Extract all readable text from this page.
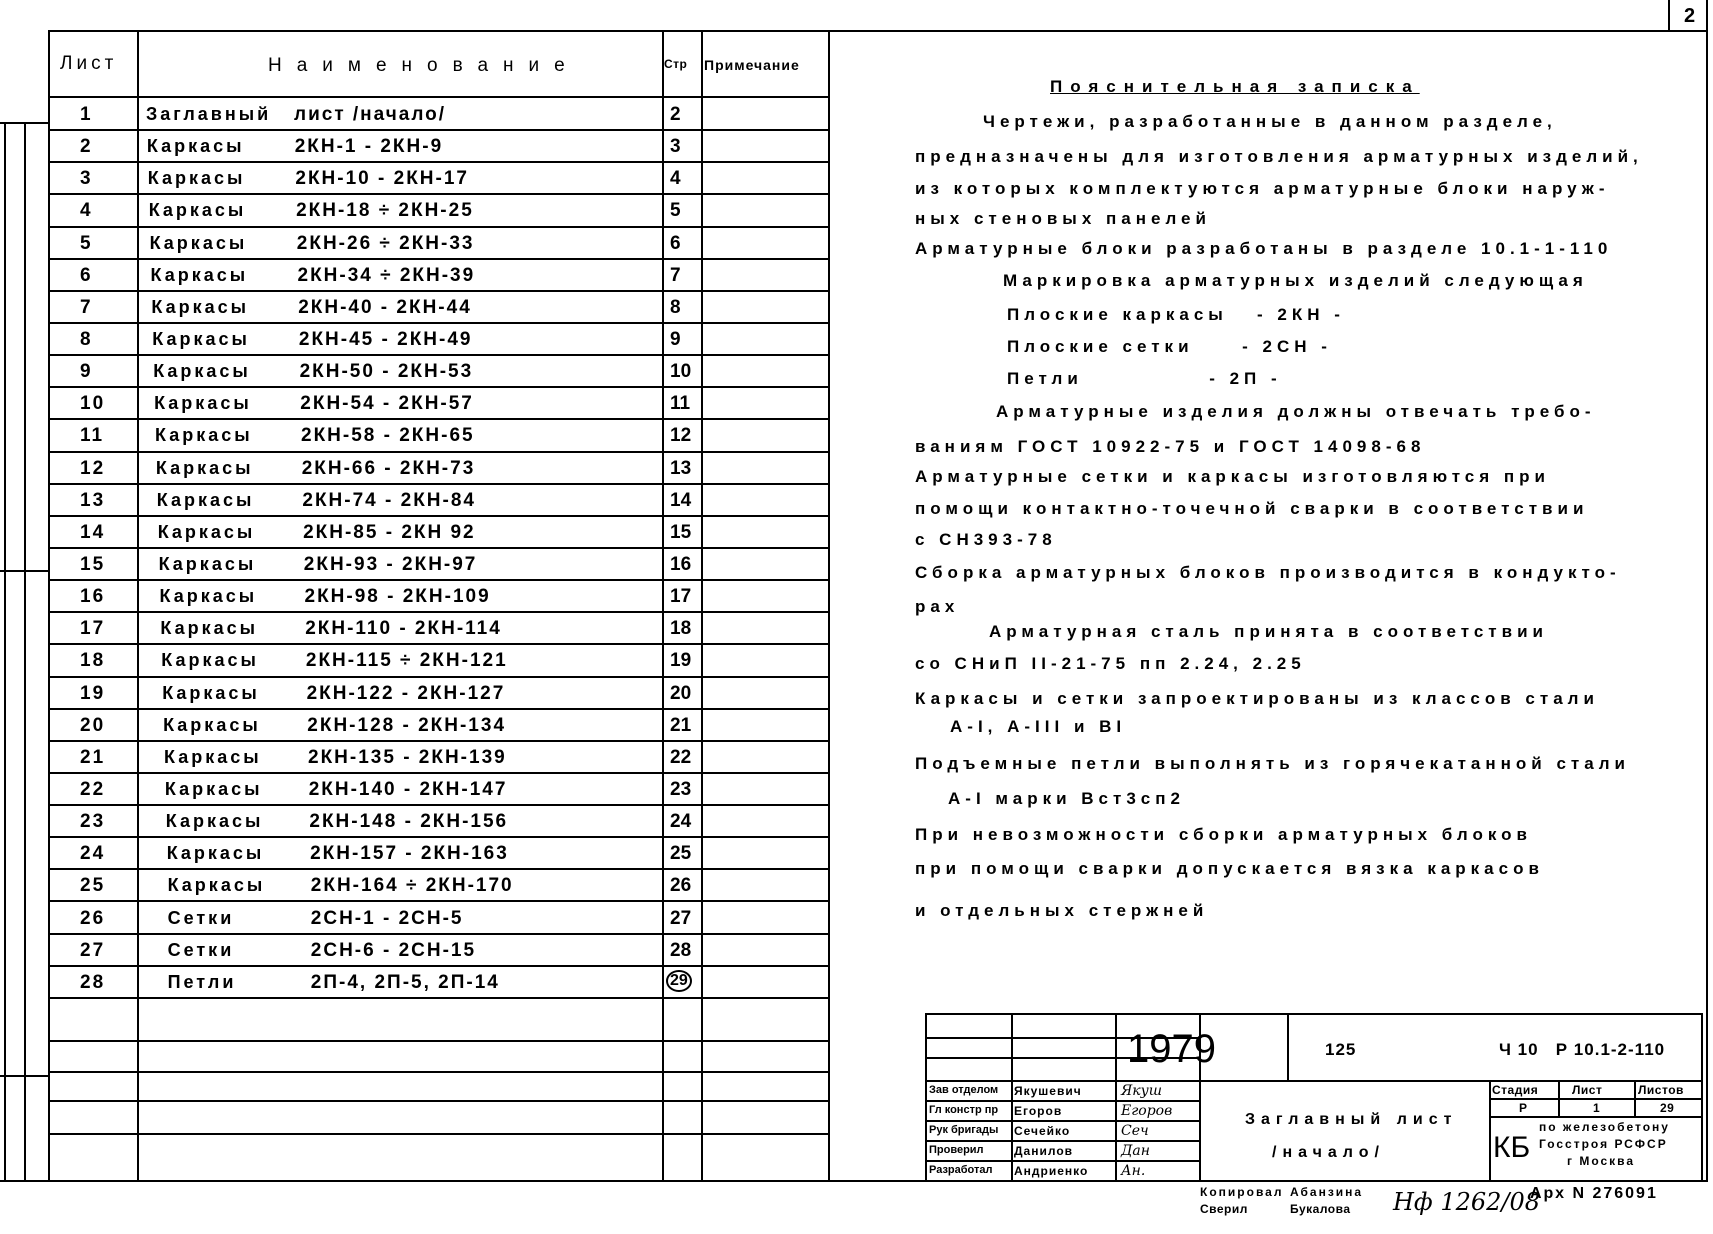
2
Лист	Наименование	Стр Примечание
1	Заглавный лист /начало/	2
2	Каркасы	2КН-1 - 2КН-9	3
3	Каркасы	2КН-10 - 2КН-17	4
4	Каркасы	2КН-18 ÷ 2КН-25	5
5	Каркасы	2КН-26 ÷ 2КН-33	6
6	Каркасы	2КН-34 ÷ 2КН-39	7
7	Каркасы	2КН-40 - 2КН-44	8
8	Каркасы	2КН-45 - 2КН-49	9
9	Каркасы	2КН-50 - 2КН-53	10
10	Каркасы	2КН-54 - 2КН-57	11
11	Каркасы	2КН-58 - 2КН-65	12
12	Каркасы	2КН-66 - 2КН-73	13
13	Каркасы	2КН-74 - 2КН-84	14
14	Каркасы	2КН-85 - 2КН 92	15
15	Каркасы	2КН-93 - 2КН-97	16
16	Каркасы 2КН-98 - 2КН-109	17
17	Каркасы 2КН-110 - 2КН-114	18
18	Каркасы 2КН-115 ÷ 2КН-121	19
19	Каркасы 2КН-122 - 2КН-127	20
20	Каркасы 2КН-128 - 2КН-134	21
21	Каркасы 2КН-135 - 2КН-139	22
22	Каркасы 2КН-140 - 2КН-147	23
23	Каркасы 2КН-148 - 2КН-156	24
24	Каркасы 2КН-157 - 2КН-163	25
25	Каркасы 2КН-164 ÷ 2КН-170	26
26	Сетки	2СН-1 - 2СН-5	27
27	Сетки	2СН-6 - 2СН-15	28
28	Петли	2П-4, 2П-5, 2П-14	29
Пояснительная записка
Чертежи, разработанные в данном разделе,
предназначены для изготовления арматурных изделий,
из которых комплектуются арматурные блоки наруж-
ных стеновых панелей
Арматурные блоки разработаны в разделе 10.1-1-110
Маркировка арматурных изделий следующая
Плоские каркасы   - 2КН -
Плоские сетки     - 2СН -
Петли             - 2П -
Арматурные изделия должны отвечать требо-
ваниям ГОСТ 10922-75 и ГОСТ 14098-68
Арматурные сетки и каркасы изготовляются при
помощи контактно-точечной сварки в соответствии
с СН393-78
Сборка арматурных блоков производится в кондукто-
рах
Арматурная сталь принята в соответствии
со СНиП II-21-75 пп 2.24, 2.25
Каркасы и сетки запроектированы из классов стали
А-I, А-III и ВI
Подъемные петли выполнять из горячекатанной стали
А-I марки Вст3сп2
При невозможности сборки арматурных блоков
при помощи сварки допускается вязка каркасов
и отдельных стержней
Зав отделом Якушевич	Якуш
Гл констр пр Егоров	Егоров
Рук бригады Сечейко	Сеч
Проверил	Данилов	Дан
Разработал Андриенко Ан.
1979	125	Ч 10   Р 10.1-2-110
Заглавный лист
/начало/
Стадия	Лист	Листов
Р	1	29
КБ
по железобетону
Госстроя РСФСР
г Москва
Копировал Абанзина
Сверил	Букалова Нф 1262/08
Арх N 276091
